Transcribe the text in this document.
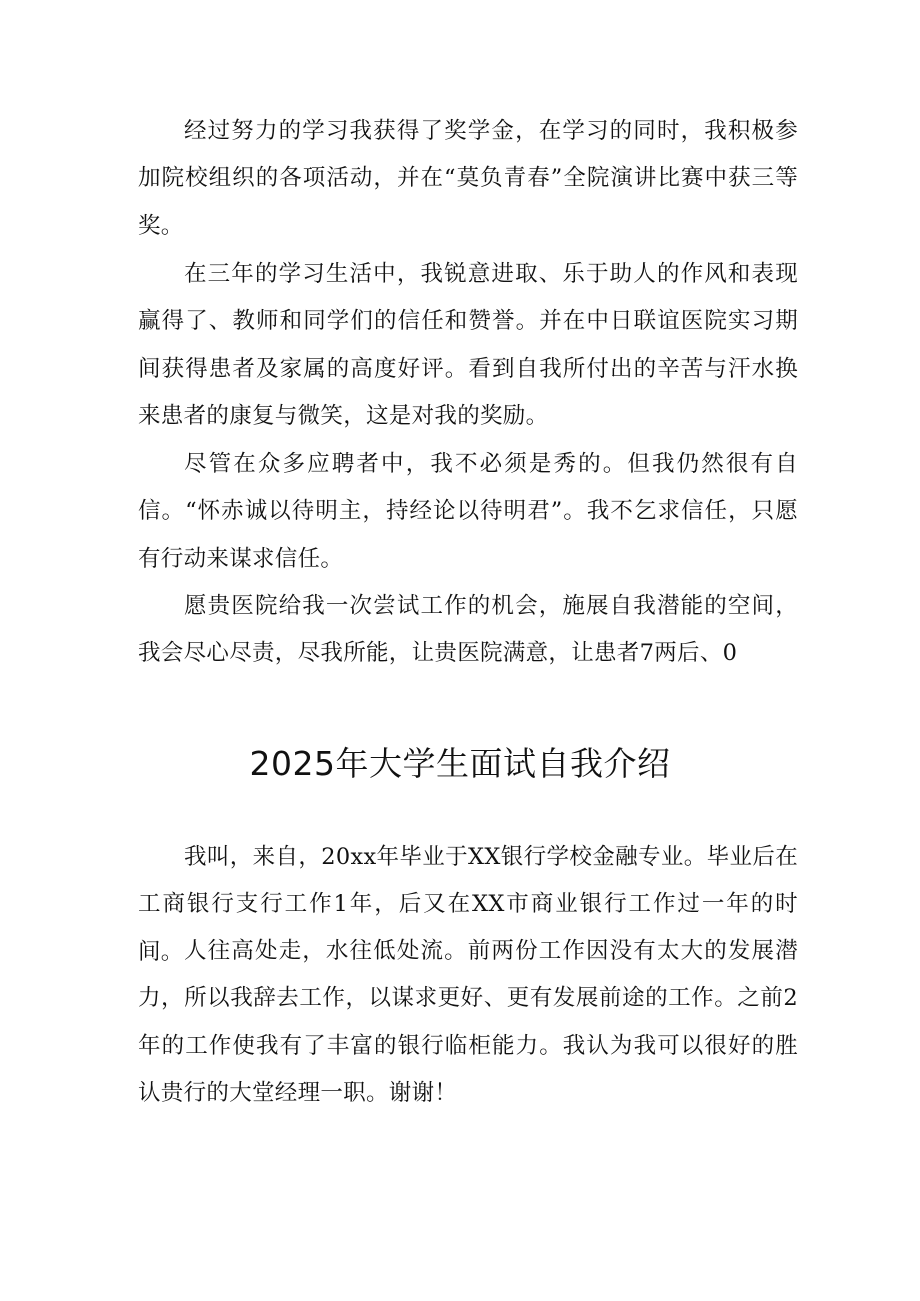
经过努力的学习我获得了奖学金，在学习的同时，我积极参加院校组织的各项活动，并在“莫负青春”全院演讲比赛中获三等奖。

在三年的学习生活中，我锐意进取、乐于助人的作风和表现赢得了、教师和同学们的信任和赞誉。并在中日联谊医院实习期间获得患者及家属的高度好评。看到自我所付出的辛苦与汗水换来患者的康复与微笑，这是对我的奖励。

尽管在众多应聘者中，我不必须是秀的。但我仍然很有自信。“怀赤诚以待明主，持经论以待明君”。我不乞求信任，只愿有行动来谋求信任。

愿贵医院给我一次尝试工作的机会，施展自我潜能的空间，我会尽心尽责，尽我所能，让贵医院满意，让患者7两后、0

2025年大学生面试自我介绍

我叫，来自，20xx年毕业于XX银行学校金融专业。毕业后在工商银行支行工作1年，后又在XX市商业银行工作过一年的时间。 人往高处走，水往低处流。前两份工作因没有太大的发展潜力，所以我辞去工作，以谋求更好、更有发展前途的工作。之前2年的工作使我有了丰富的银行临柜能力。我认为我可以很好的胜认贵行的大堂经理一职。谢谢！
